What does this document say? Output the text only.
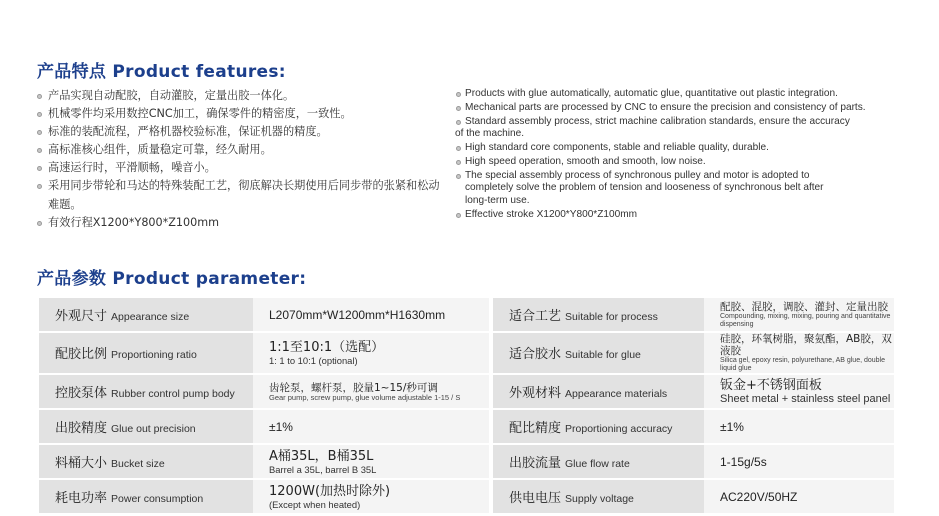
产品特点 Product features:
产品实现自动配胶，自动灌胶，定量出胶一体化。
机械零件均采用数控CNC加工，确保零件的精密度，一致性。
标准的装配流程，严格机器校验标准，保证机器的精度。
高标准核心组件，质量稳定可靠，经久耐用。
高速运行时，平滑顺畅，噪音小。
采用同步带轮和马达的特殊装配工艺，彻底解决长期使用后同步带的张紧和松动难题。
有效行程X1200*Y800*Z100mm
Products with glue automatically, automatic glue, quantitative out plastic integration.
Mechanical parts are processed by CNC to ensure the precision and consistency of parts.
Standard assembly process, strict machine calibration standards, ensure the accuracy
of the machine.
High standard core components, stable and reliable quality, durable.
High speed operation, smooth and smooth, low noise.
The special assembly process of synchronous pulley and motor is adopted to
completely solve the problem of tension and looseness of synchronous belt after
long-term use.
Effective stroke X1200*Y800*Z100mm
产品参数 Product parameter:
外观尺寸 Appearance size	L2070mm*W1200mm*H1630mm		适合工艺 Suitable for process	配胶、混胶，调胶、灌封、定量出胶
Compounding, mixing, mixing, pouring and quantitative dispensing

配胶比例 Proportioning ratio	1:1至10:1（选配）
1: 1 to 10:1 (optional)		适合胶水 Suitable for glue	硅胶，环氧树脂，聚氨酯，AB胶，双液胶
Silica gel, epoxy resin, polyurethane, AB glue, double liquid glue

控胶泵体 Rubber control pump body	齿轮泵，螺杆泵，胶量1~15/秒可调
Gear pump, screw pump, glue volume adjustable 1-15 / S		外观材料 Appearance materials	钣金+不锈钢面板
Sheet metal + stainless steel panel

出胶精度 Glue out precision	±1%		配比精度 Proportioning accuracy	±1%

料桶大小 Bucket size	A桶35L，B桶35L
Barrel a 35L, barrel B 35L		出胶流量 Glue flow rate	1-15g/5s

耗电功率 Power consumption	1200W(加热时除外)
(Except when heated)		供电电压 Supply voltage	AC220V/50HZ
